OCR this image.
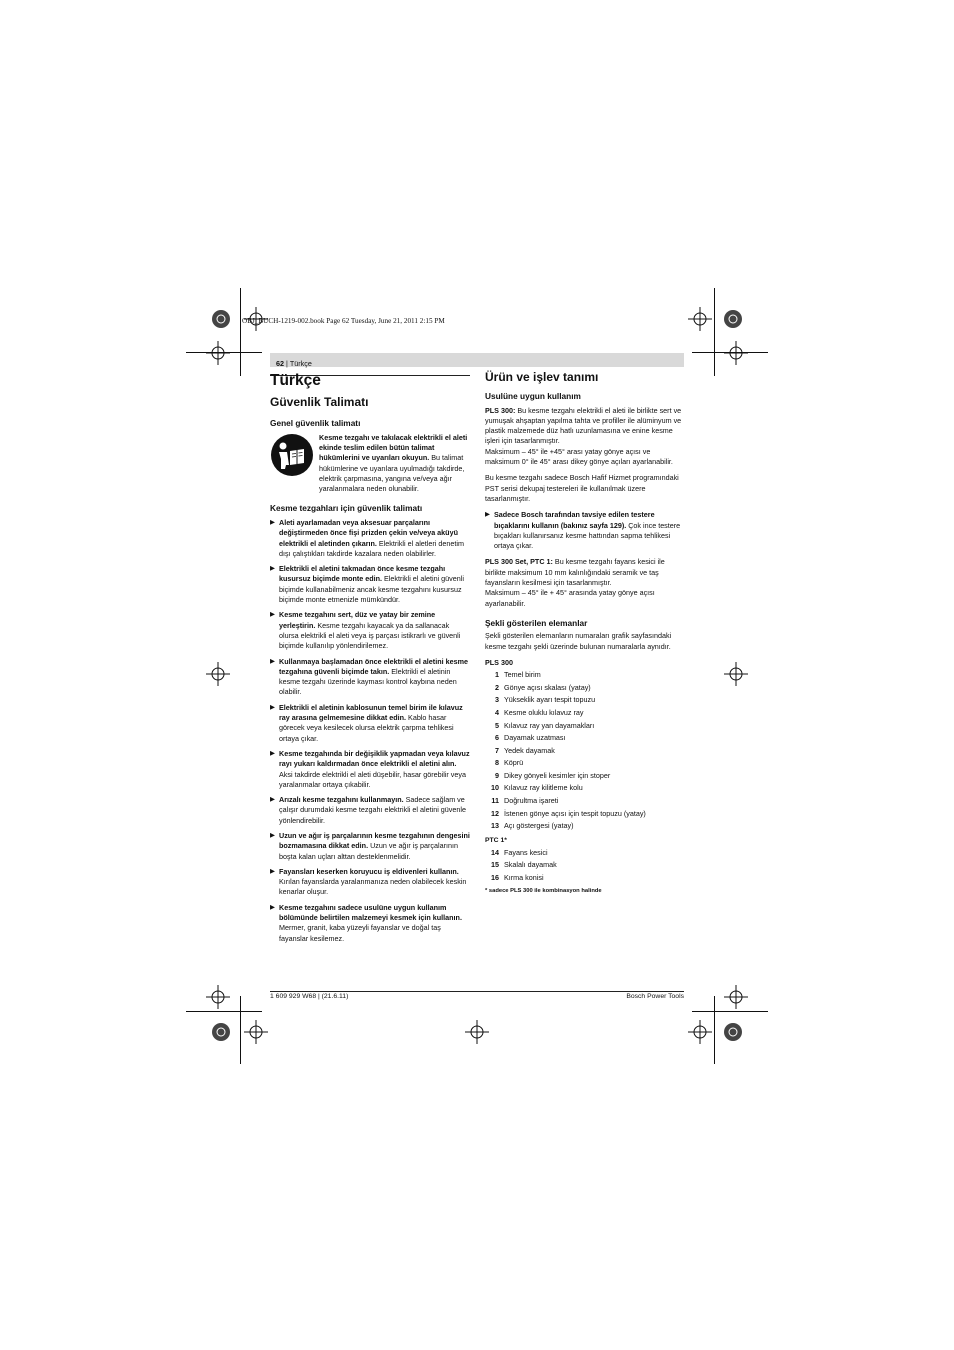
OBJ_BUCH-1219-002.book Page 62 Tuesday, June 21, 2011 2:15 PM
62 | Türkçe
Türkçe
Güvenlik Talimatı
Genel güvenlik talimatı
Kesme tezgahı ve takılacak elektrikli el aleti ekinde teslim edilen bütün talimat hükümlerini ve uyarıları okuyun. Bu talimat hükümlerine ve uyarılara uyulmadığı takdirde, elektrik çarpmasına, yangına ve/veya ağır yaralanmalara neden olunabilir.
Kesme tezgahları için güvenlik talimatı
▶ Aleti ayarlamadan veya aksesuar parçalarını değiştirmeden önce fişi prizden çekin ve/veya aküyü elektrikli el aletinden çıkarın. Elektrikli el aletleri denetim dışı çalıştıkları takdirde kazalara neden olabilirler.
▶ Elektrikli el aletini takmadan önce kesme tezgahı kusursuz biçimde monte edin. Elektrikli el aletini güvenli biçimde kullanabilmeniz ancak kesme tezgahını kusursuz biçimde monte etmenizle mümkündür.
▶ Kesme tezgahını sert, düz ve yatay bir zemine yerleştirin. Kesme tezgahı kayacak ya da sallanacak olursa elektrikli el aleti veya iş parçası istikrarlı ve güvenli biçimde kullanılıp yönlendirilemez.
▶ Kullanmaya başlamadan önce elektrikli el aletini kesme tezgahına güvenli biçimde takın. Elektrikli el aletinin kesme tezgahı üzerinde kayması kontrol kaybına neden olabilir.
▶ Elektrikli el aletinin kablosunun temel birim ile kılavuz ray arasına gelmemesine dikkat edin. Kablo hasar görecek veya kesilecek olursa elektrik çarpma tehlikesi ortaya çıkar.
▶ Kesme tezgahında bir değişiklik yapmadan veya kılavuz rayı yukarı kaldırmadan önce elektrikli el aletini alın. Aksi takdirde elektrikli el aleti düşebilir, hasar görebilir veya yaralanmalar ortaya çıkabilir.
▶ Arızalı kesme tezgahını kullanmayın. Sadece sağlam ve çalışır durumdaki kesme tezgahı elektrikli el aletini güvenle yönlendirebilir.
▶ Uzun ve ağır iş parçalarının kesme tezgahının dengesini bozmamasına dikkat edin. Uzun ve ağır iş parçalarının boşta kalan uçları alttan desteklenmelidir.
▶ Fayansları keserken koruyucu iş eldivenleri kullanın. Kırılan fayanslarda yaralanmanıza neden olabilecek keskin kenarlar oluşur.
▶ Kesme tezgahını sadece usulüne uygun kullanım bölümünde belirtilen malzemeyi kesmek için kullanın. Mermer, granit, kaba yüzeyli fayanslar ve doğal taş fayanslar kesilemez.
Ürün ve işlev tanımı
Usulüne uygun kullanım

PLS 300: Bu kesme tezgahı elektrikli el aleti ile birlikte sert ve yumuşak ahşaptan yapılma tahta ve profiller ile alüminyum ve plastik malzemede düz hatlı uzunlamasına ve enine kesme işleri için tasarlanmıştır.
Maksimum – 45° ile +45° arası yatay gönye açısı ve
maksimum 0° ile 45° arası dikey gönye açıları ayarlanabilir.

Bu kesme tezgahı sadece Bosch Hafif Hizmet programındaki PST serisi dekupaj testereleri ile kullanılmak üzere tasarlanmıştır.

▶ Sadece Bosch tarafından tavsiye edilen testere bıçaklarını kullanın (bakınız sayfa 129). Çok ince testere bıçakları kullanırsanız kesme hattından sapma tehlikesi ortaya çıkar.

PLS 300 Set, PTC 1: Bu kesme tezgahı fayans kesici ile birlikte maksimum 10 mm kalınlığındaki seramik ve taş fayansların kesilmesi için tasarlanmıştır.
Maksimum – 45° ile + 45° arasında yatay gönye açısı ayarlanabilir.

Şekli gösterilen elemanlar

Şekli gösterilen elemanların numaraları grafik sayfasındaki kesme tezgahı şekli üzerinde bulunan numaralarla aynıdır.

PLS 300
1 Temel birim
2 Gönye açısı skalası (yatay)
3 Yükseklik ayarı tespit topuzu
4 Kesme oluklu kılavuz ray
5 Kılavuz ray yan dayamakları
6 Dayamak uzatması
7 Yedek dayamak
8 Köprü
9 Dikey gönyeli kesimler için stoper
10 Kılavuz ray kilitleme kolu
11 Doğrultma işareti
12 İstenen gönye açısı için tespit topuzu (yatay)
13 Açı göstergesi (yatay)
PTC 1*
14 Fayans kesici
15 Skalalı dayamak
16 Kırma konisi
* sadece PLS 300 ile kombinasyon halinde
1 609 929 W68 | (21.6.11)	Bosch Power Tools
